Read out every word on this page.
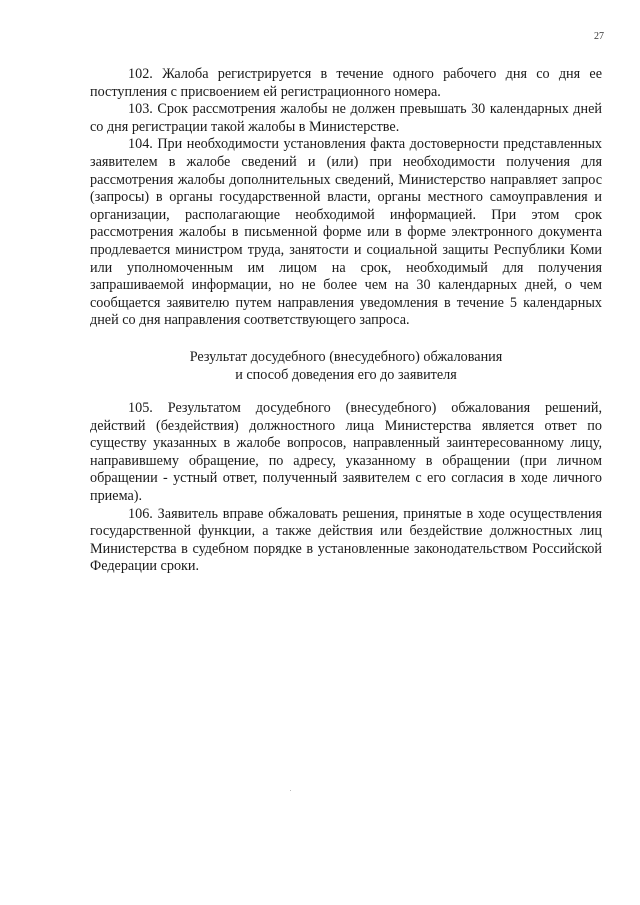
27

102. Жалоба регистрируется в течение одного рабочего дня со дня ее поступления с присвоением ей регистрационного номера.

103. Срок рассмотрения жалобы не должен превышать 30 календарных дней со дня регистрации такой жалобы в Министерстве.

104. При необходимости установления факта достоверности представленных заявителем в жалобе сведений и (или) при необходимости получения для рассмотрения жалобы дополнительных сведений, Министерство направляет запрос (запросы) в органы государственной власти, органы местного самоуправления и организации, располагающие необходимой информацией. При этом срок рассмотрения жалобы в письменной форме или в форме электронного документа продлевается министром труда, занятости и социальной защиты Республики Коми или уполномоченным им лицом на срок, необходимый для получения запрашиваемой информации, но не более чем на 30 календарных дней, о чем сообщается заявителю путем направления уведомления в течение 5 календарных дней со дня направления соответствующего запроса.

Результат досудебного (внесудебного) обжалования
и способ доведения его до заявителя

105. Результатом досудебного (внесудебного) обжалования решений, действий (бездействия) должностного лица Министерства является ответ по существу указанных в жалобе вопросов, направленный заинтересованному лицу, направившему обращение, по адресу, указанному в обращении (при личном обращении - устный ответ, полученный заявителем с его согласия в ходе личного приема).

106. Заявитель вправе обжаловать решения, принятые в ходе осуществления государственной функции, а также действия или бездействие должностных лиц Министерства в судебном порядке в установленные законодательством Российской Федерации сроки.
